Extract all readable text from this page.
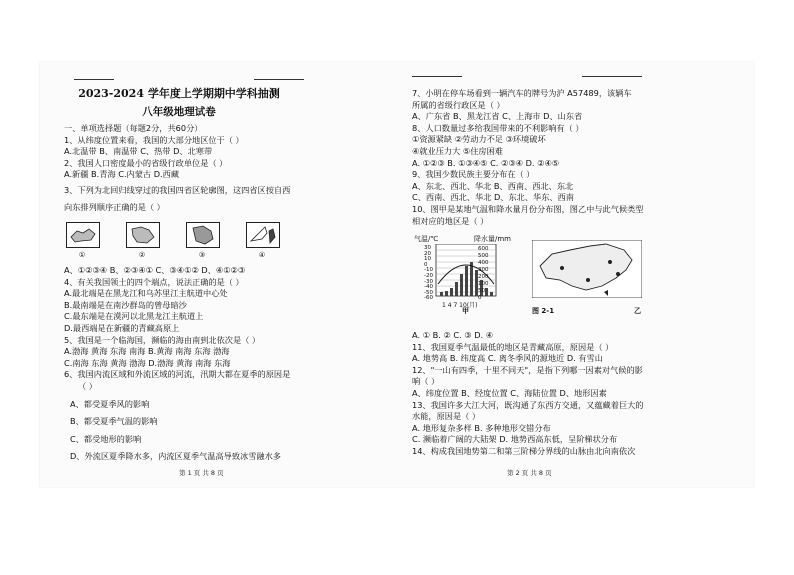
2023-2024 学年度上学期期中学科抽测
八年级地理试卷
一、单项选择题（每题2分，共60分）
1、从纬度位置来看，我国的大部分地区位于（ ）
A.北温带 B、南温带 C、热带 D、北寒带
2、我国人口密度最小的省级行政单位是（ ）
A.新疆 B.青海 C.内蒙古 D.西藏
3、下列为北回归线穿过的我国四省区轮廓图，这四省区按自西
向东排列顺序正确的是（ ）
①	②	③	④
A、①②③④ B、②③④① C、③④①② D、④①②③
4、有关我国领土的四个端点，说法正确的是（ ）
A.最北端是在黑龙江和乌苏里江主航道中心处
B.最南端是在南沙群岛的曾母暗沙
C.最东端是在漠河以北黑龙江主航道上
D.最西端是在新疆的青藏高原上
5、我国是一个临海国，濒临的海由南到北依次是（ ）
A.渤海 黄海 东海 南海 B.黄海 南海 东海 渤海
C.南海 东海 黄海 渤海 D.渤海 黄海 南海 东海
6、我国内流区域和外流区域的河流，汛期大都在夏季的原因是
（ ）
A、都受夏季风的影响
B、都受夏季气温的影响
C、都受地形的影响
D、外流区夏季降水多，内流区夏季气温高导致冰雪融水多
第 1 页 共 8 页
7、小明在停车场看到一辆汽车的牌号为沪 A57489，该辆车
所属的省级行政区是（ ）
A、广东省 B、黑龙江省 C、上海市 D、山东省
8、人口数量过多给我国带来的不利影响有（ ）
①资源紧缺 ②劳动力不足 ③环境破坏
④就业压力大 ⑤住房困难
A. ①②③ B. ①③④⑤ C. ②③④ D. ②④⑤
9、我国少数民族主要分布在（ ）
A、东北、西北、华北 B、西南、西北、东北
C、西南、西北、华北 D、东北、华东、西南
10、图甲是某地气温和降水量月份分布图，图乙中与此气候类型
相对应的地区是（ ）
气温/℃	降水量/mm
600
500
400
300
200
100
50
0
30
20
10
0
-10
-20
-30
-40
-50
-60
1 4 7 10(月)
甲	乙
图 2-1
A. ① B. ② C. ③ D. ④
11、我国夏季气温最低的地区是青藏高原，原因是（ ）
A. 地势高 B. 纬度高 C. 离冬季风的源地近 D. 有雪山
12、"一山有四季，十里不同天"，是指下列哪一因素对气候的影
响（ ）
A、纬度位置 B、经度位置 C、海陆位置 D、地形因素
13、我国许多大江大河，既沟通了东西方交通，又蕴藏着巨大的
水能，原因是（ ）
A. 地形复杂多样 B. 多种地形交错分布
C. 濒临着广阔的大陆架 D. 地势西高东低，呈阶梯状分布
14、构成我国地势第二和第三阶梯分界线的山脉由北向南依次
第 2 页 共 8 页
